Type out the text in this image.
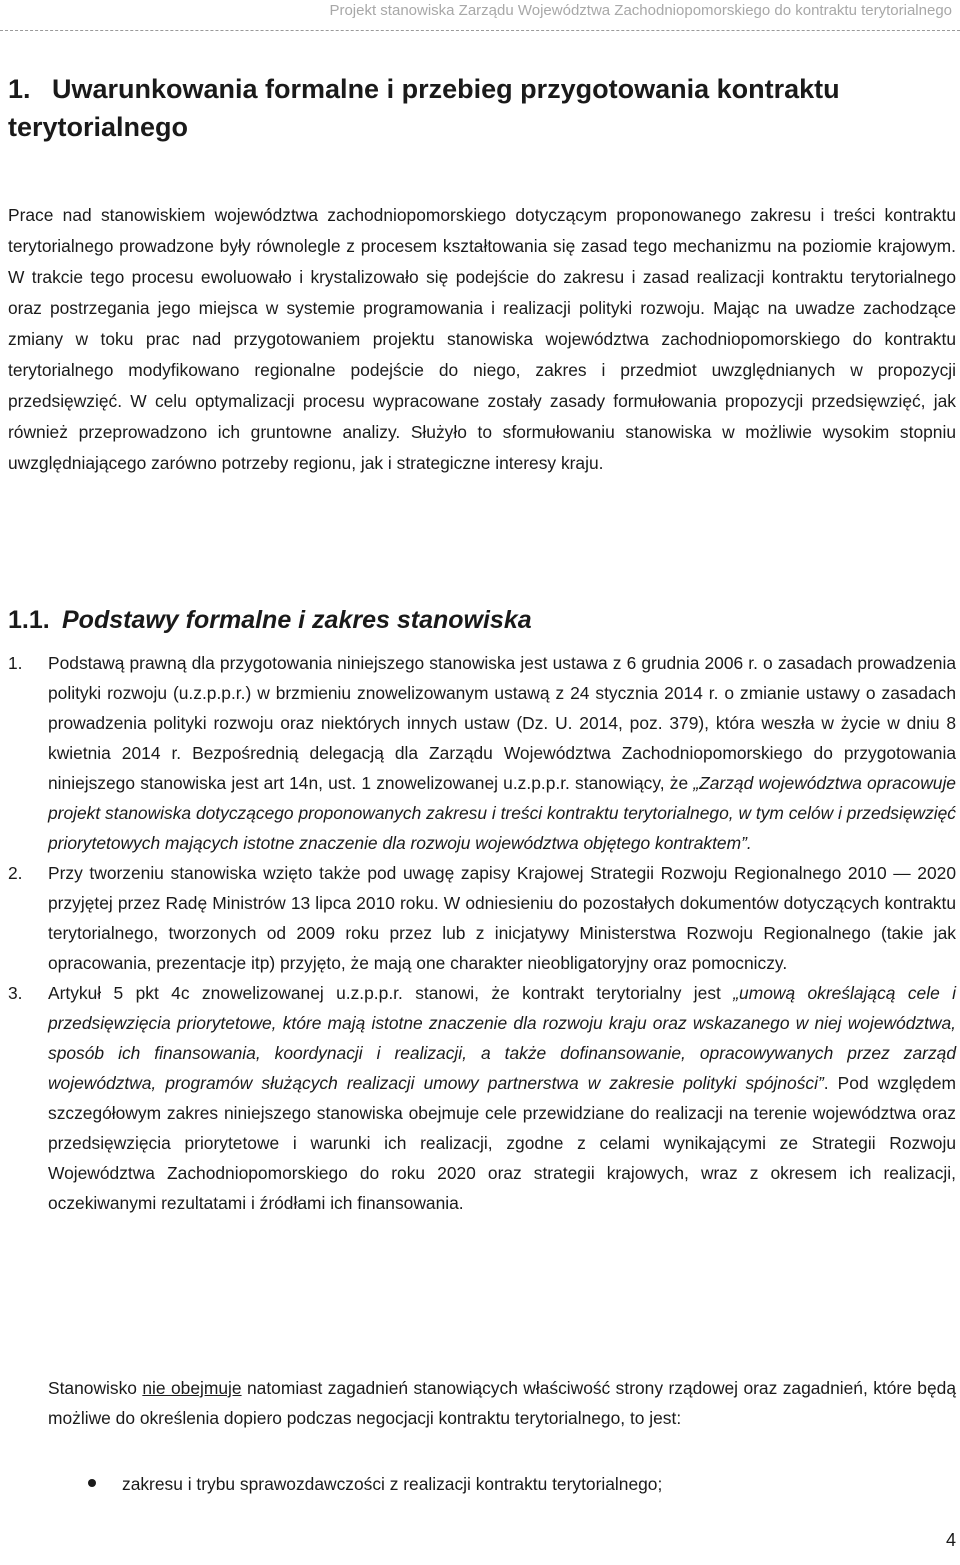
Projekt stanowiska Zarządu Województwa Zachodniopomorskiego do kontraktu terytorialnego
1. Uwarunkowania formalne i przebieg przygotowania kontraktu terytorialnego

Prace nad stanowiskiem województwa zachodniopomorskiego dotyczącym proponowanego zakresu i treści kontraktu terytorialnego prowadzone były równolegle z procesem kształtowania się zasad tego mechanizmu na poziomie krajowym. W trakcie tego procesu ewoluowało i krystalizowało się podejście do zakresu i zasad realizacji kontraktu terytorialnego oraz postrzegania jego miejsca w systemie programowania i realizacji polityki rozwoju. Mając na uwadze zachodzące zmiany w toku prac nad przygotowaniem projektu stanowiska województwa zachodniopomorskiego do kontraktu terytorialnego modyfikowano regionalne podejście do niego, zakres i przedmiot uwzględnianych w propozycji przedsięwzięć. W celu optymalizacji procesu wypracowane zostały zasady formułowania propozycji przedsięwzięć, jak również przeprowadzono ich gruntowne analizy. Służyło to sformułowaniu stanowiska w możliwie wysokim stopniu uwzględniającego zarówno potrzeby regionu, jak i strategiczne interesy kraju.

1.1. Podstawy formalne i zakres stanowiska
1. Podstawą prawną dla przygotowania niniejszego stanowiska jest ustawa z 6 grudnia 2006 r. o zasadach prowadzenia polityki rozwoju (u.z.p.p.r.) w brzmieniu znowelizowanym ustawą z 24 stycznia 2014 r. o zmianie ustawy o zasadach prowadzenia polityki rozwoju oraz niektórych innych ustaw (Dz. U. 2014, poz. 379), która weszła w życie w dniu 8 kwietnia 2014 r. Bezpośrednią delegacją dla Zarządu Województwa Zachodniopomorskiego do przygotowania niniejszego stanowiska jest art 14n, ust. 1 znowelizowanej u.z.p.p.r. stanowiący, że „Zarząd województwa opracowuje projekt stanowiska dotyczącego proponowanych zakresu i treści kontraktu terytorialnego, w tym celów i przedsięwzięć priorytetowych mających istotne znaczenie dla rozwoju województwa objętego kontraktem”.
2. Przy tworzeniu stanowiska wzięto także pod uwagę zapisy Krajowej Strategii Rozwoju Regionalnego 2010 — 2020 przyjętej przez Radę Ministrów 13 lipca 2010 roku. W odniesieniu do pozostałych dokumentów dotyczących kontraktu terytorialnego, tworzonych od 2009 roku przez lub z inicjatywy Ministerstwa Rozwoju Regionalnego (takie jak opracowania, prezentacje itp) przyjęto, że mają one charakter nieobligatoryjny oraz pomocniczy.
3. Artykuł 5 pkt 4c znowelizowanej u.z.p.p.r. stanowi, że kontrakt terytorialny jest „umową określającą cele i przedsięwzięcia priorytetowe, które mają istotne znaczenie dla rozwoju kraju oraz wskazanego w niej województwa, sposób ich finansowania, koordynacji i realizacji, a także dofinansowanie, opracowywanych przez zarząd województwa, programów służących realizacji umowy partnerstwa w zakresie polityki spójności”. Pod względem szczegółowym zakres niniejszego stanowiska obejmuje cele przewidziane do realizacji na terenie województwa oraz przedsięwzięcia priorytetowe i warunki ich realizacji, zgodne z celami wynikającymi ze Strategii Rozwoju Województwa Zachodniopomorskiego do roku 2020 oraz strategii krajowych, wraz z okresem ich realizacji, oczekiwanymi rezultatami i źródłami ich finansowania.

Stanowisko nie obejmuje natomiast zagadnień stanowiących właściwość strony rządowej oraz zagadnień, które będą możliwe do określenia dopiero podczas negocjacji kontraktu terytorialnego, to jest:

zakresu i trybu sprawozdawczości z realizacji kontraktu terytorialnego;
4
